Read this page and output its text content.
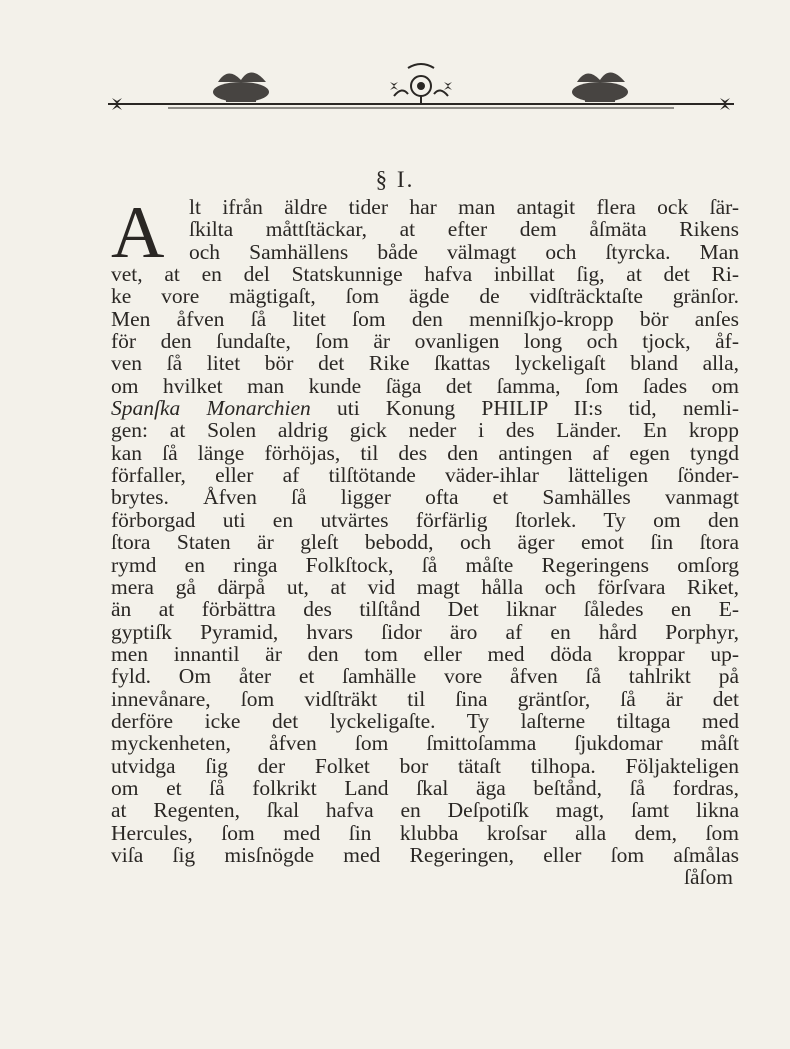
§ I.
A	lt ifrån äldre tider har man antagit flera ock ſär-
ſkilta måttſtäckar, at efter dem åſmäta Rikens
och Samhällens både välmagt och ſtyrcka. Man
vet, at en del Statskunnige hafva inbillat ſig, at det Ri-
ke vore mägtigaſt, ſom ägde de vidſträcktaſte gränſor.
Men åfven ſå litet ſom den menniſkjo-kropp bör anſes
för den ſundaſte, ſom är ovanligen long och tjock, åf-
ven ſå litet bör det Rike ſkattas lyckeligaſt bland alla,
om hvilket man kunde ſäga det ſamma, ſom ſades om
Spanſka Monarchien uti Konung PHILIP II:s tid, nemli-
gen: at Solen aldrig gick neder i des Länder. En kropp
kan ſå länge förhöjas, til des den antingen af egen tyngd
förfaller, eller af tilſtötande väder-ihlar lätteligen ſönder-
brytes. Åfven ſå ligger ofta et Samhälles vanmagt
förborgad uti en utvärtes förfärlig ſtorlek. Ty om den
ſtora Staten är gleſt bebodd, och äger emot ſin ſtora
rymd en ringa Folkſtock, ſå måſte Regeringens omſorg
mera gå därpå ut, at vid magt hålla och förſvara Riket,
än at förbättra des tilſtånd Det liknar ſåledes en E-
gyptiſk Pyramid, hvars ſidor äro af en hård Porphyr,
men innantil är den tom eller med döda kroppar up-
fyld. Om åter et ſamhälle vore åfven ſå tahlrikt på
innevånare, ſom vidſträkt til ſina gräntſor, ſå är det
derföre icke det lyckeligaſte. Ty laſterne tiltaga med
myckenheten, åfven ſom ſmittoſamma ſjukdomar måſt
utvidga ſig der Folket bor tätaſt tilhopa. Följakteligen
om et ſå folkrikt Land ſkal äga beſtånd, ſå fordras,
at Regenten, ſkal hafva en Deſpotiſk magt, ſamt likna
Hercules, ſom med ſin klubba kroſsar alla dem, ſom
viſa ſig misſnögde med Regeringen, eller ſom aſmålas
ſåſom
